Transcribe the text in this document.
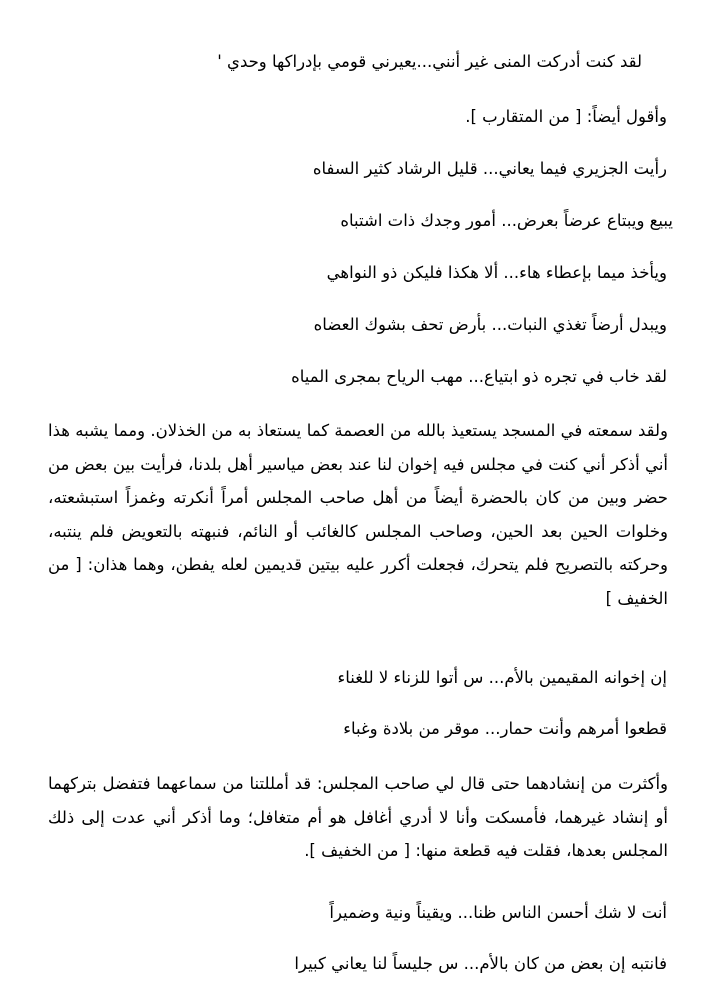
لقد كنت أدركت المنى غير أنني...يعيرني قومي بإدراكها وحدي '
وأقول أيضاً: [ من المتقارب ].
رأيت الجزيري فيما يعاني... قليل الرشاد كثير السفاه
يبيع ويبتاع عرضاً بعرض... أمور وجدك ذات اشتباه
ويأخذ ميما بإعطاء هاء... ألا هكذا فليكن ذو النواهي
ويبدل أرضاً تغذي النبات... بأرض تحف بشوك العضاه
لقد خاب في تجره ذو ابتياع... مهب الرياح بمجرى المياه
ولقد سمعته في المسجد يستعيذ بالله من العصمة كما يستعاذ به من الخذلان. ومما يشبه هذا أني أذكر أني كنت في مجلس فيه إخوان لنا عند بعض مياسير أهل بلدنا، فرأيت بين بعض من حضر وبين من كان بالحضرة أيضاً من أهل صاحب المجلس أمراً أنكرته وغمزاً استبشعته، وخلوات الحين بعد الحين، وصاحب المجلس كالغائب أو النائم، فنبهته بالتعويض فلم ينتبه، وحركته بالتصريح فلم يتحرك، فجعلت أكرر عليه بيتين قديمين لعله يفطن، وهما هذان: [ من الخفيف ]
إن إخوانه المقيمين بالأم... س أتوا للزناء لا للغناء
قطعوا أمرهم وأنت حمار... موقر من بلادة وغباء
وأكثرت من إنشادهما حتى قال لي صاحب المجلس: قد أمللتنا من سماعهما فتفضل بتركهما أو إنشاد غيرهما، فأمسكت وأنا لا أدري أغافل هو أم متغافل؛ وما أذكر أني عدت إلى ذلك المجلس بعدها، فقلت فيه قطعة منها: [ من الخفيف ].
أنت لا شك أحسن الناس ظنا... ويقيناً ونية وضميراً
فانتبه إن بعض من كان بالأم... س جليساً لنا يعاني كبيرا
